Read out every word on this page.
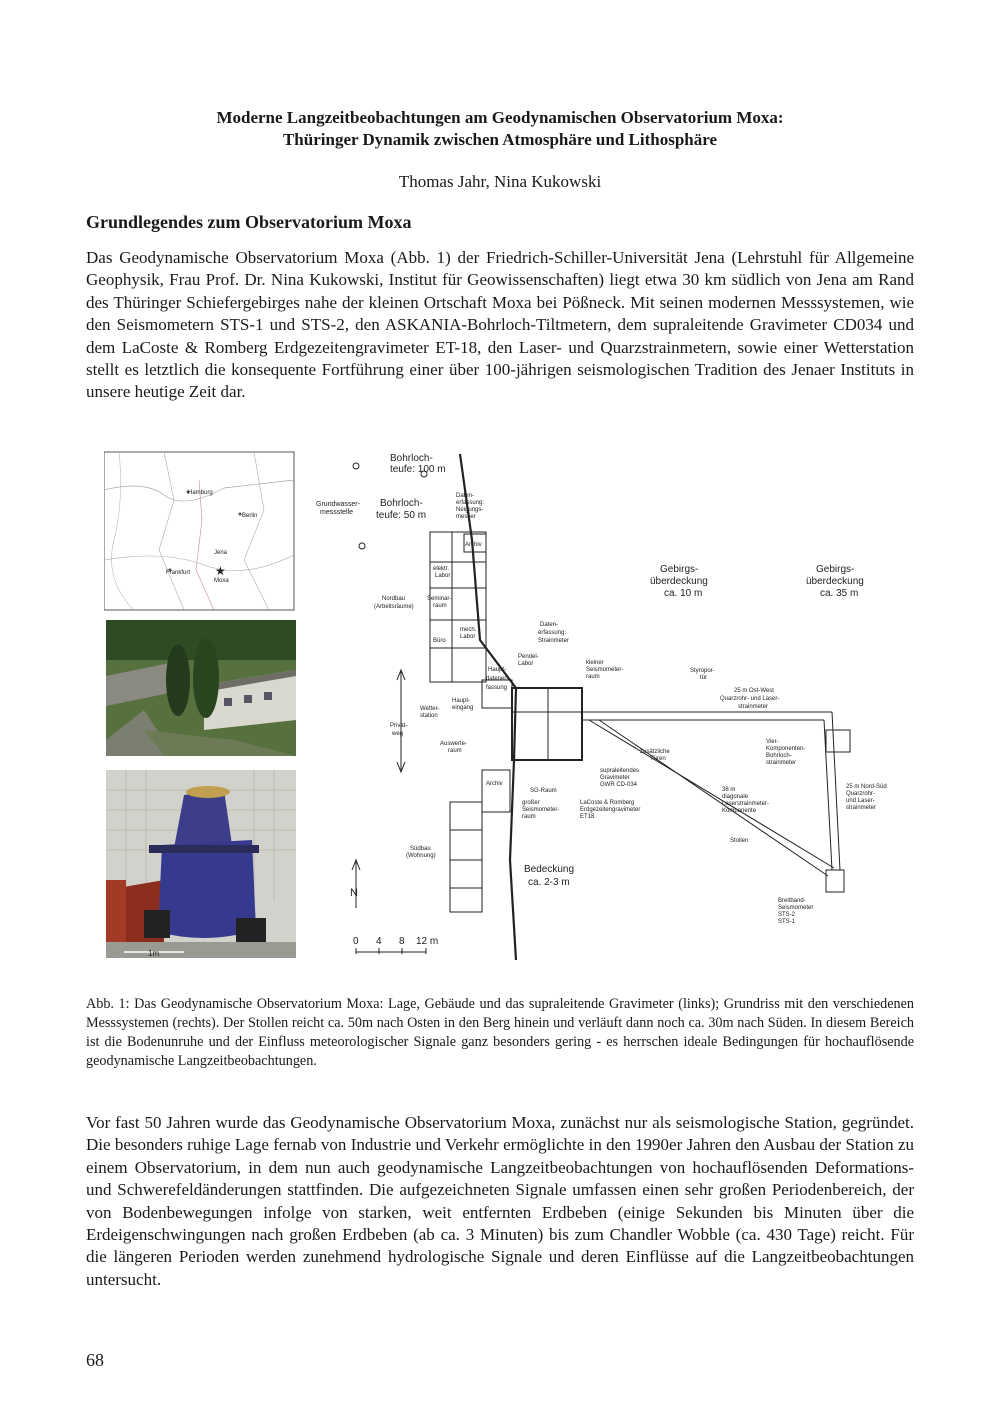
Moderne Langzeitbeobachtungen am Geodynamischen Observatorium Moxa:
Thüringer Dynamik zwischen Atmosphäre und Lithosphäre
Thomas Jahr, Nina Kukowski
Grundlegendes zum Observatorium Moxa
Das Geodynamische Observatorium Moxa (Abb. 1) der Friedrich-Schiller-Universität Jena (Lehrstuhl für Allgemeine Geophysik, Frau Prof. Dr. Nina Kukowski, Institut für Geowissenschaften) liegt etwa 30 km südlich von Jena am Rand des Thüringer Schiefergebirges nahe der kleinen Ortschaft Moxa bei Pößneck. Mit seinen modernen Messsystemen, wie den Seismometern STS-1 und STS-2, den ASKANIA-Bohrloch-Tiltmetern, dem supraleitende Gravimeter CD034 und dem LaCoste & Romberg Erdgezeitengravimeter ET-18, den Laser- und Quarzstrainmetern, sowie einer Wetterstation stellt es letztlich die konsequente Fortführung einer über 100-jährigen seismologischen Tradition des Jenaer Instituts in unsere heutige Zeit dar.
Hamburg
Berlin
Jena
Frankfurt ★
Moxa
1m
Bohrloch-
teufe: 100 m
Bohrloch-
teufe: 50 m
Grundwasser-
messstelle
Daten-
erfassung:
Neigungs-
messer
Archiv
elektr.
Labor
Seminar-
raum
Nordbau
(Arbeitsräume)
mech.
Labor
Büro
Gebirgs-
überdeckung
ca. 10 m
Gebirgs-
überdeckung
ca. 35 m
Daten-
erfassung:
Strainmeter
Pendel-
Labor
Haupt-
datener-
fassung
kleiner
Seismometer-
raum
Styropor-
tür
25 m Ost-West
Quarzrohr- und Laser-
strainmeter
Haupt-
eingang
Wetter-
station
Privat-
weg
Auswerte-
raum	zusätzliche
Türen
Vier-
Komponenten-
Bohrloch-
strainmeter
supraleitendes
Gravimeter
GWR CD-034
Archiv
SG-Raum
großer
Seismometer-
raum
LaCoste & Romberg
Erdgezeitengravimeter
ET18
38 m
diagonale
Laserstrainmeter-
Komponente
25 m Nord-Süd
Quarzrohr-
und Laser-
strainmeter
Stollen
Südbau
(Wohnung)
Bedeckung
ca. 2-3 m
Breitband-
Seismometer
STS-2
STS-1
N
0 4 8 12 m
Abb. 1: Das Geodynamische Observatorium Moxa: Lage, Gebäude und das supraleitende Gravimeter (links); Grundriss mit den verschiedenen Messsystemen (rechts). Der Stollen reicht ca. 50m nach Osten in den Berg hinein und verläuft dann noch ca. 30m nach Süden. In diesem Bereich ist die Bodenunruhe und der Einfluss meteorologischer Signale ganz besonders gering - es herrschen ideale Bedingungen für hochauflösende geodynamische Langzeitbeobachtungen.
Vor fast 50 Jahren wurde das Geodynamische Observatorium Moxa, zunächst nur als seismologische Station, gegründet. Die besonders ruhige Lage fernab von Industrie und Verkehr ermöglichte in den 1990er Jahren den Ausbau der Station zu einem Observatorium, in dem nun auch geodynamische Langzeitbeobachtungen von hochauflösenden Deformations- und Schwerefeldänderungen stattfinden. Die aufgezeichneten Signale umfassen einen sehr großen Periodenbereich, der von Bodenbewegungen infolge von starken, weit entfernten Erdbeben (einige Sekunden bis Minuten über die Erdeigenschwingungen nach großen Erdbeben (ab ca. 3 Minuten) bis zum Chandler Wobble (ca. 430 Tage) reicht. Für die längeren Perioden werden zunehmend hydrologische Signale und deren Einflüsse auf die Langzeitbeobachtungen untersucht.
68
